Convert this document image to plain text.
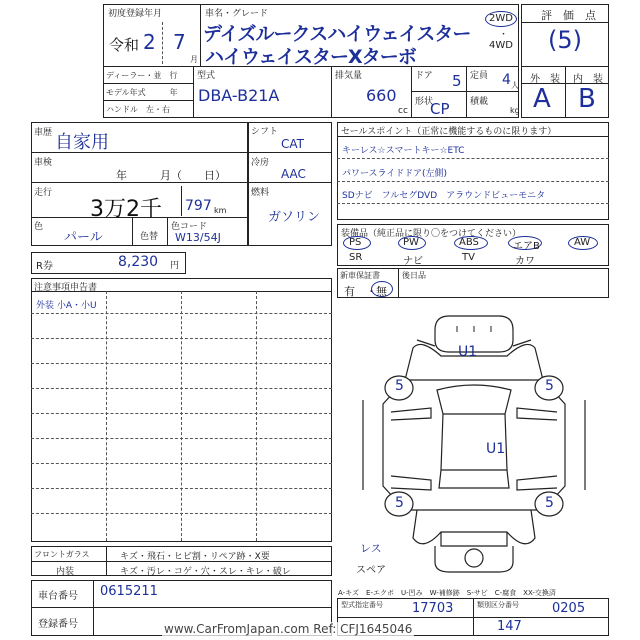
初度登録年月
令和 2 7
月
車名・グレード
デイズルークスハイウェイスター
ハイウェイスターXターボ
2WD
・
4WD
評　価　点
(5)
外　装 内　装
A B
ディーラー・並　行
モデル年式　　　年
ハンドル　左・右
型式
DBA-B21A
排気量
660
cc
ドア 5 定員 4 人
形状
CP 積載
kg
車歴 自家用
車検
年　　　月（　　日）
走行
3万2千 797 km
色
パール	色替
色コード
W13/54J
シフト
CAT
冷房
AAC
燃料
ガソリン
R券	8,230 円
注意事項申告書
外装 小A・小U
セールスポイント（正常に機能するものに限ります）
キーレス☆スマートキー☆ETC
パワースライドドア(左側)
SDナビ　フルセグDVD　アラウンドビューモニタ
装備品（純正品に限り〇をつけてください）
PS	PW	ABS	エアB	AW
SR	ナビ	TV	カワ
新車保証書
有　・ 無
後日品
U1
U1
5	5
5	5
レス
スペア
フロントガラス	キズ・飛石・ヒビ割・リペア跡・X要
内装	キズ・汚レ・コゲ・穴・スレ・キレ・破レ
車台番号 0615211
登録番号
A-キズ　E-エクボ　U-凹み　W-補修跡　S-サビ　C-腐食　XX-交換済
型式指定番号 17703	類別区分番号	0205
147
www.CarFromJapan.com Ref: CFJ1645046
